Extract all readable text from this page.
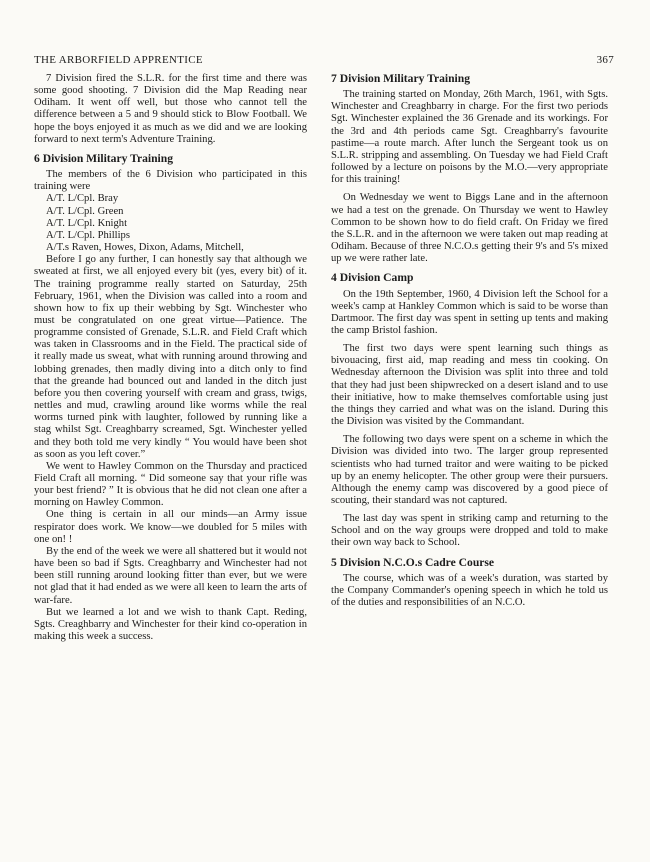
THE ARBORFIELD APPRENTICE	367

7 Division fired the S.L.R. for the first time and there was some good shooting. 7 Division did the Map Reading near Odiham. It went off well, but those who cannot tell the difference between a 5 and 9 should stick to Blow Football. We hope the boys enjoyed it as much as we did and we are looking forward to next term's Adventure Training.

6 Division Military Training

The members of the 6 Division who participated in this training were

A/T. L/Cpl. Bray
A/T. L/Cpl. Green
A/T. L/Cpl. Knight
A/T. L/Cpl. Phillips
A/T.s Raven, Howes, Dixon, Adams, Mitchell,

Before I go any further, I can honestly say that although we sweated at first, we all enjoyed every bit (yes, every bit) of it. The training programme really started on Saturday, 25th February, 1961, when the Division was called into a room and shown how to fix up their webbing by Sgt. Winchester who must be congratulated on one great virtue—Patience. The programme consisted of Grenade, S.L.R. and Field Craft which was taken in Classrooms and in the Field. The practical side of it really made us sweat, what with running around throwing and lobbing grenades, then madly diving into a ditch only to find that the greande had bounced out and landed in the ditch just before you then covering yourself with cream and grass, twigs, nettles and mud, crawling around like worms while the real worms turned pink with laughter, followed by running like a stag whilst Sgt. Creaghbarry screamed, Sgt. Winchester yelled and they both told me very kindly “ You would have been shot as soon as you left cover.”

We went to Hawley Common on the Thursday and practiced Field Craft all morning. “ Did someone say that your rifle was your best friend? ” It is obvious that he did not clean one after a morning on Hawley Common.

One thing is certain in all our minds—an Army issue respirator does work. We know—we doubled for 5 miles with one on! !

By the end of the week we were all shattered but it would not have been so bad if Sgts. Creaghbarry and Winchester had not been still running around looking fitter than ever, but we were not glad that it had ended as we were all keen to learn the arts of war-fare.

But we learned a lot and we wish to thank Capt. Reding, Sgts. Creaghbarry and Winchester for their kind co-operation in making this week a success.

7 Division Military Training

The training started on Monday, 26th March, 1961, with Sgts. Winchester and Creaghbarry in charge. For the first two periods Sgt. Winchester explained the 36 Grenade and its workings. For the 3rd and 4th periods came Sgt. Creaghbarry's favourite pastime—a route march. After lunch the Sergeant took us on S.L.R. stripping and assembling. On Tuesday we had Field Craft followed by a lecture on poisons by the M.O.—very appropriate for this training!

On Wednesday we went to Biggs Lane and in the afternoon we had a test on the grenade. On Thursday we went to Hawley Common to be shown how to do field craft. On Friday we fired the S.L.R. and in the afternoon we were taken out map reading at Odiham. Because of three N.C.O.s getting their 9's and 5's mixed up we were rather late.

4 Division Camp

On the 19th September, 1960, 4 Division left the School for a week's camp at Hankley Common which is said to be worse than Dartmoor. The first day was spent in setting up tents and making the camp Bristol fashion.

The first two days were spent learning such things as bivouacing, first aid, map reading and mess tin cooking. On Wednesday afternoon the Division was split into three and told that they had just been shipwrecked on a desert island and to use their initiative, how to make themselves comfortable using just the things they carried and what was on the island. During this the Division was visited by the Commandant.

The following two days were spent on a scheme in which the Division was divided into two. The larger group represented scientists who had turned traitor and were waiting to be picked up by an enemy helicopter. The other group were their pursuers. Although the enemy camp was discovered by a good piece of scouting, their standard was not captured.

The last day was spent in striking camp and returning to the School and on the way groups were dropped and told to make their own way back to School.

5 Division N.C.O.s Cadre Course

The course, which was of a week's duration, was started by the Company Commander's opening speech in which he told us of the duties and responsibilities of an N.C.O.
